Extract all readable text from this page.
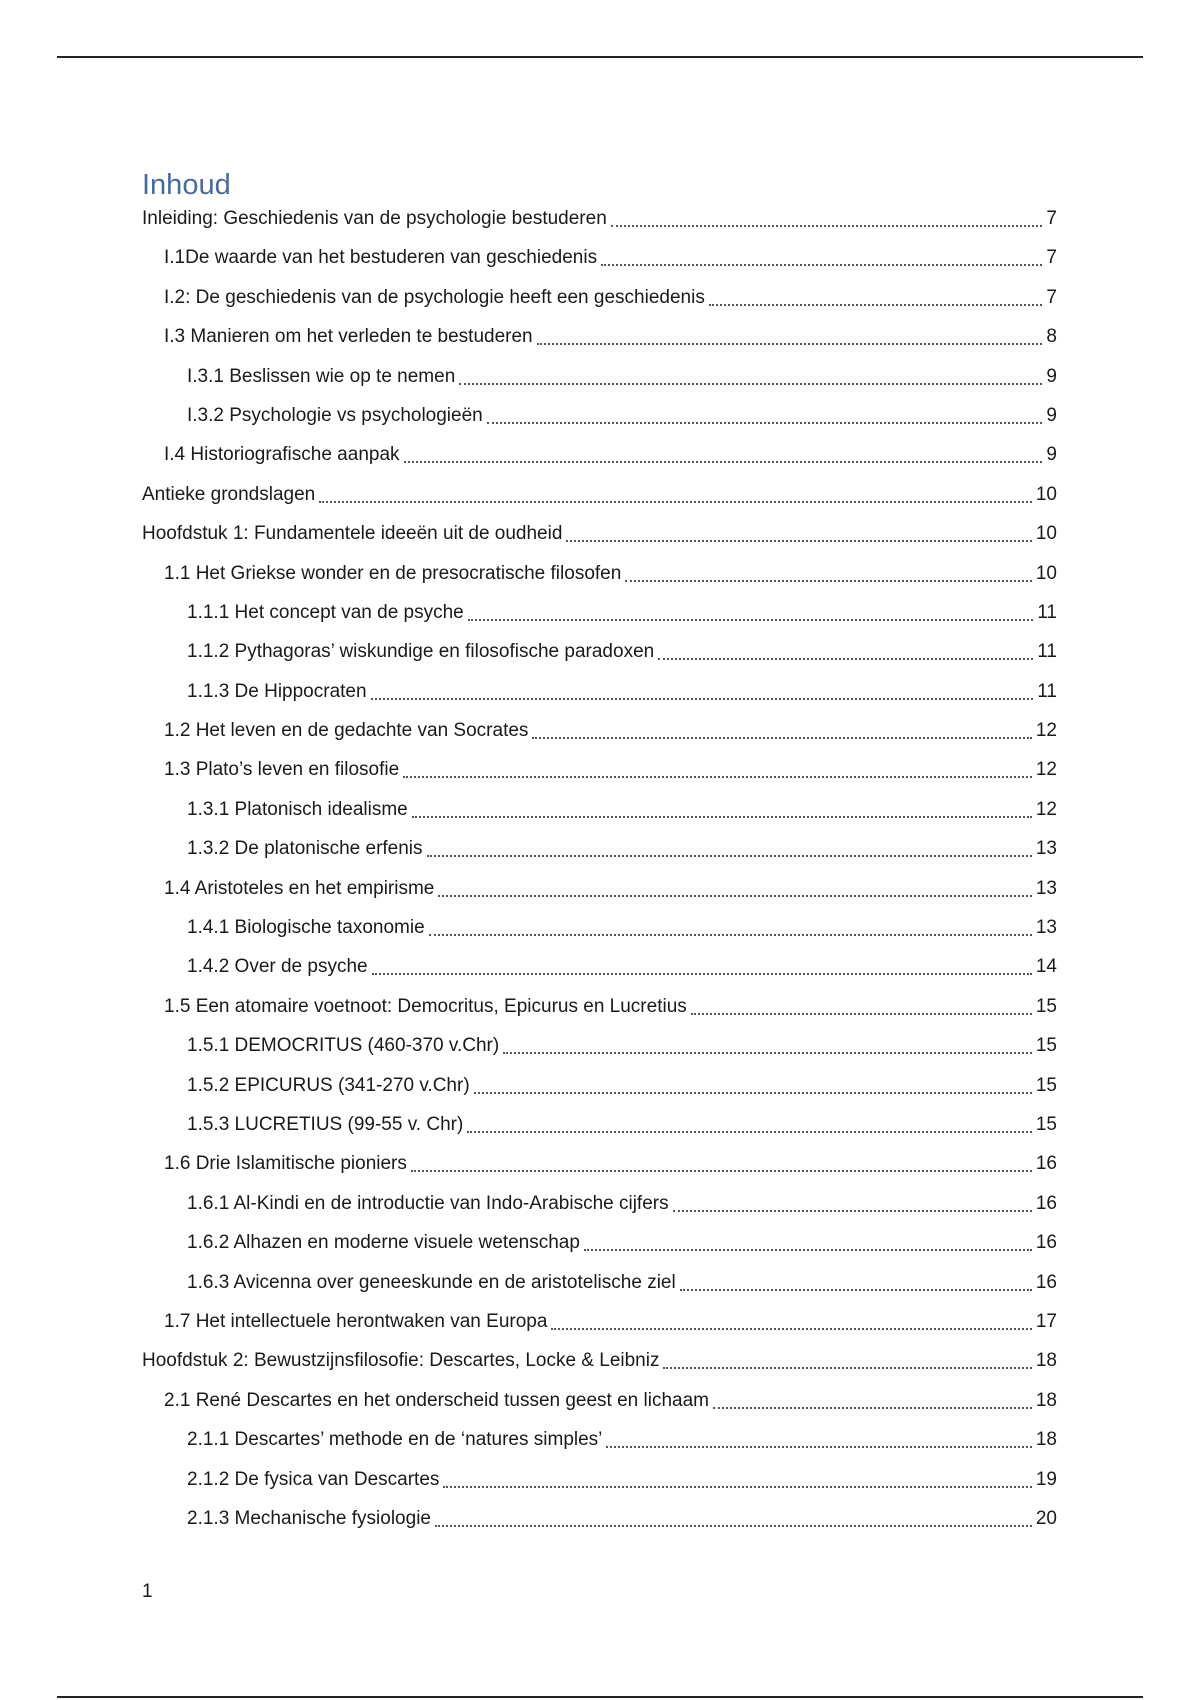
Inhoud
Inleiding: Geschiedenis van de psychologie bestuderen	7
I.1De waarde van het bestuderen van geschiedenis	7
I.2: De geschiedenis van de psychologie heeft een geschiedenis	7
I.3 Manieren om het verleden te bestuderen	8
I.3.1 Beslissen wie op te nemen	9
I.3.2 Psychologie vs psychologieën	9
I.4 Historiografische aanpak	9
Antieke grondslagen	10
Hoofdstuk 1: Fundamentele ideeën uit de oudheid	10
1.1 Het Griekse wonder en de presocratische filosofen	10
1.1.1 Het concept van de psyche	11
1.1.2 Pythagoras’ wiskundige en filosofische paradoxen	11
1.1.3 De Hippocraten	11
1.2 Het leven en de gedachte van Socrates	12
1.3 Plato’s leven en filosofie	12
1.3.1 Platonisch idealisme	12
1.3.2 De platonische erfenis	13
1.4 Aristoteles en het empirisme	13
1.4.1 Biologische taxonomie	13
1.4.2 Over de psyche	14
1.5 Een atomaire voetnoot: Democritus, Epicurus en Lucretius	15
1.5.1 DEMOCRITUS (460-370 v.Chr)	15
1.5.2 EPICURUS (341-270 v.Chr)	15
1.5.3 LUCRETIUS (99-55 v. Chr)	15
1.6 Drie Islamitische pioniers	16
1.6.1 Al-Kindi en de introductie van Indo-Arabische cijfers	16
1.6.2 Alhazen en moderne visuele wetenschap	16
1.6.3 Avicenna over geneeskunde en de aristotelische ziel	16
1.7 Het intellectuele herontwaken van Europa	17
Hoofdstuk 2: Bewustzijnsfilosofie: Descartes, Locke & Leibniz	18
2.1 René Descartes en het onderscheid tussen geest en lichaam	18
2.1.1 Descartes’ methode en de ‘natures simples’	18
2.1.2 De fysica van Descartes	19
2.1.3 Mechanische fysiologie	20
1
